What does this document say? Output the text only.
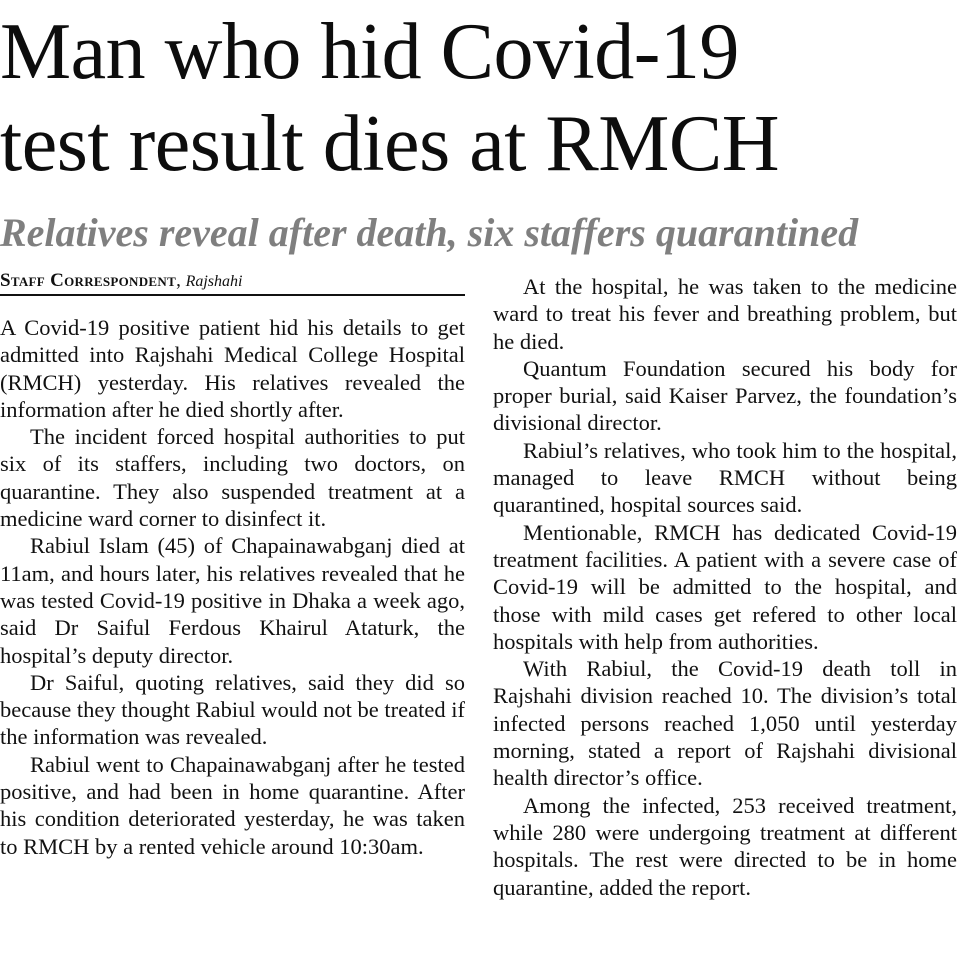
Man who hid Covid-19
test result dies at RMCH
Relatives reveal after death, six staffers quarantined
Staff Correspondent, Rajshahi

A Covid-19 positive patient hid his details to get admitted into Rajshahi Medical College Hospital (RMCH) yesterday. His relatives revealed the information after he died shortly after.

The incident forced hospital authorities to put six of its staffers, including two doctors, on quarantine. They also suspended treatment at a medicine ward corner to disinfect it.

Rabiul Islam (45) of Chapainawabganj died at 11am, and hours later, his relatives revealed that he was tested Covid-19 positive in Dhaka a week ago, said Dr Saiful Ferdous Khairul Ataturk, the hospital’s deputy director.

Dr Saiful, quoting relatives, said they did so because they thought Rabiul would not be treated if the information was revealed.

Rabiul went to Chapainawabganj after he tested positive, and had been in home quarantine. After his condition deteriorated yesterday, he was taken to RMCH by a rented vehicle around 10:30am.

At the hospital, he was taken to the medicine ward to treat his fever and breathing problem, but he died.

Quantum Foundation secured his body for proper burial, said Kaiser Parvez, the foundation’s divisional director.

Rabiul’s relatives, who took him to the hospital, managed to leave RMCH without being quarantined, hospital sources said.

Mentionable, RMCH has dedicated Covid-19 treatment facilities. A patient with a severe case of Covid-19 will be admitted to the hospital, and those with mild cases get refered to other local hospitals with help from authorities.

With Rabiul, the Covid-19 death toll in Rajshahi division reached 10. The division’s total infected persons reached 1,050 until yesterday morning, stated a report of Rajshahi divisional health director’s office.

Among the infected, 253 received treatment, while 280 were undergoing treatment at different hospitals. The rest were directed to be in home quarantine, added the report.
